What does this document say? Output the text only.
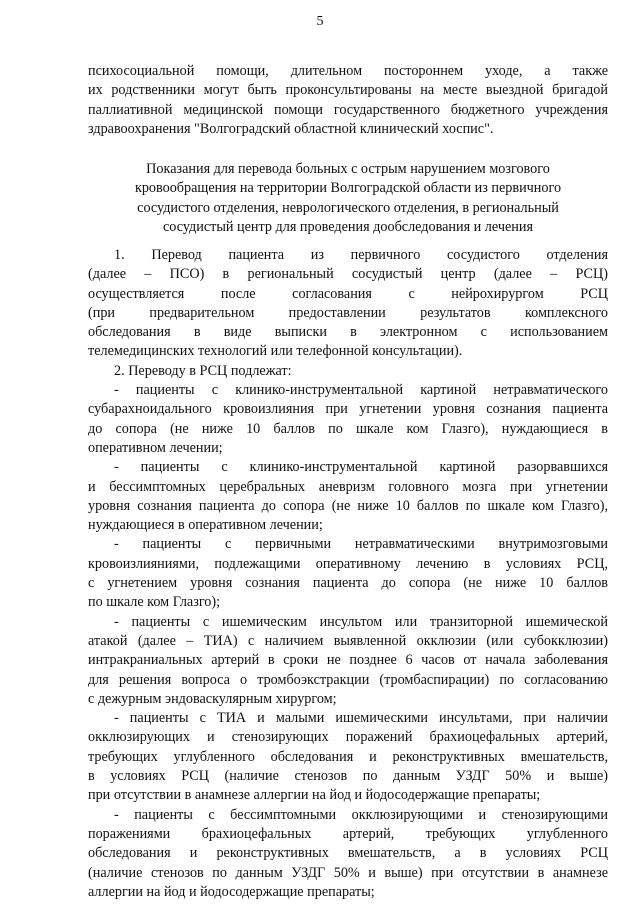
5

психосоциальной помощи, длительном постороннем уходе, а также

их родственники могут быть проконсультированы на месте выездной бригадой

паллиативной медицинской помощи государственного бюджетного учреждения

здравоохранения "Волгоградский областной клинический хоспис".

Показания для перевода больных с острым нарушением мозгового

кровообращения на территории Волгоградской области из первичного

сосудистого отделения, неврологического отделения, в региональный

сосудистый центр для проведения дообследования и лечения

1. Перевод пациента из первичного сосудистого отделения

(далее – ПСО) в региональный сосудистый центр (далее – РСЦ)

осуществляется после согласования с нейрохирургом РСЦ

(при предварительном предоставлении результатов комплексного

обследования в виде выписки в электронном с использованием

телемедицинских технологий или телефонной консультации).

2. Переводу в РСЦ подлежат:

- пациенты с клинико-инструментальной картиной нетравматического

субарахноидального кровоизлияния при угнетении уровня сознания пациента

до сопора (не ниже 10 баллов по шкале ком Глазго), нуждающиеся в

оперативном лечении;

- пациенты с клинико-инструментальной картиной разорвавшихся

и бессимптомных церебральных аневризм головного мозга при угнетении

уровня сознания пациента до сопора (не ниже 10 баллов по шкале ком Глазго),

нуждающиеся в оперативном лечении;

- пациенты с первичными нетравматическими внутримозговыми

кровоизлияниями, подлежащими оперативному лечению в условиях РСЦ,

с угнетением уровня сознания пациента до сопора (не ниже 10 баллов

по шкале ком Глазго);

- пациенты с ишемическим инсультом или транзиторной ишемической

атакой (далее – ТИА) с наличием выявленной окклюзии (или субокклюзии)

интракраниальных артерий в сроки не позднее 6 часов от начала заболевания

для решения вопроса о тромбоэкстракции (тромбаспирации) по согласованию

с дежурным эндоваскулярным хирургом;

- пациенты с ТИА и малыми ишемическими инсультами, при наличии

окклюзирующих и стенозирующих поражений брахиоцефальных артерий,

требующих углубленного обследования и реконструктивных вмешательств,

в условиях РСЦ (наличие стенозов по данным УЗДГ 50% и выше)

при отсутствии в анамнезе аллергии на йод и йодосодержащие препараты;

- пациенты с бессимптомными окклюзирующими и стенозирующими

поражениями брахиоцефальных артерий, требующих углубленного

обследования и реконструктивных вмешательств, а в условиях РСЦ

(наличие стенозов по данным УЗДГ 50% и выше) при отсутствии в анамнезе

аллергии на йод и йодосодержащие препараты;
